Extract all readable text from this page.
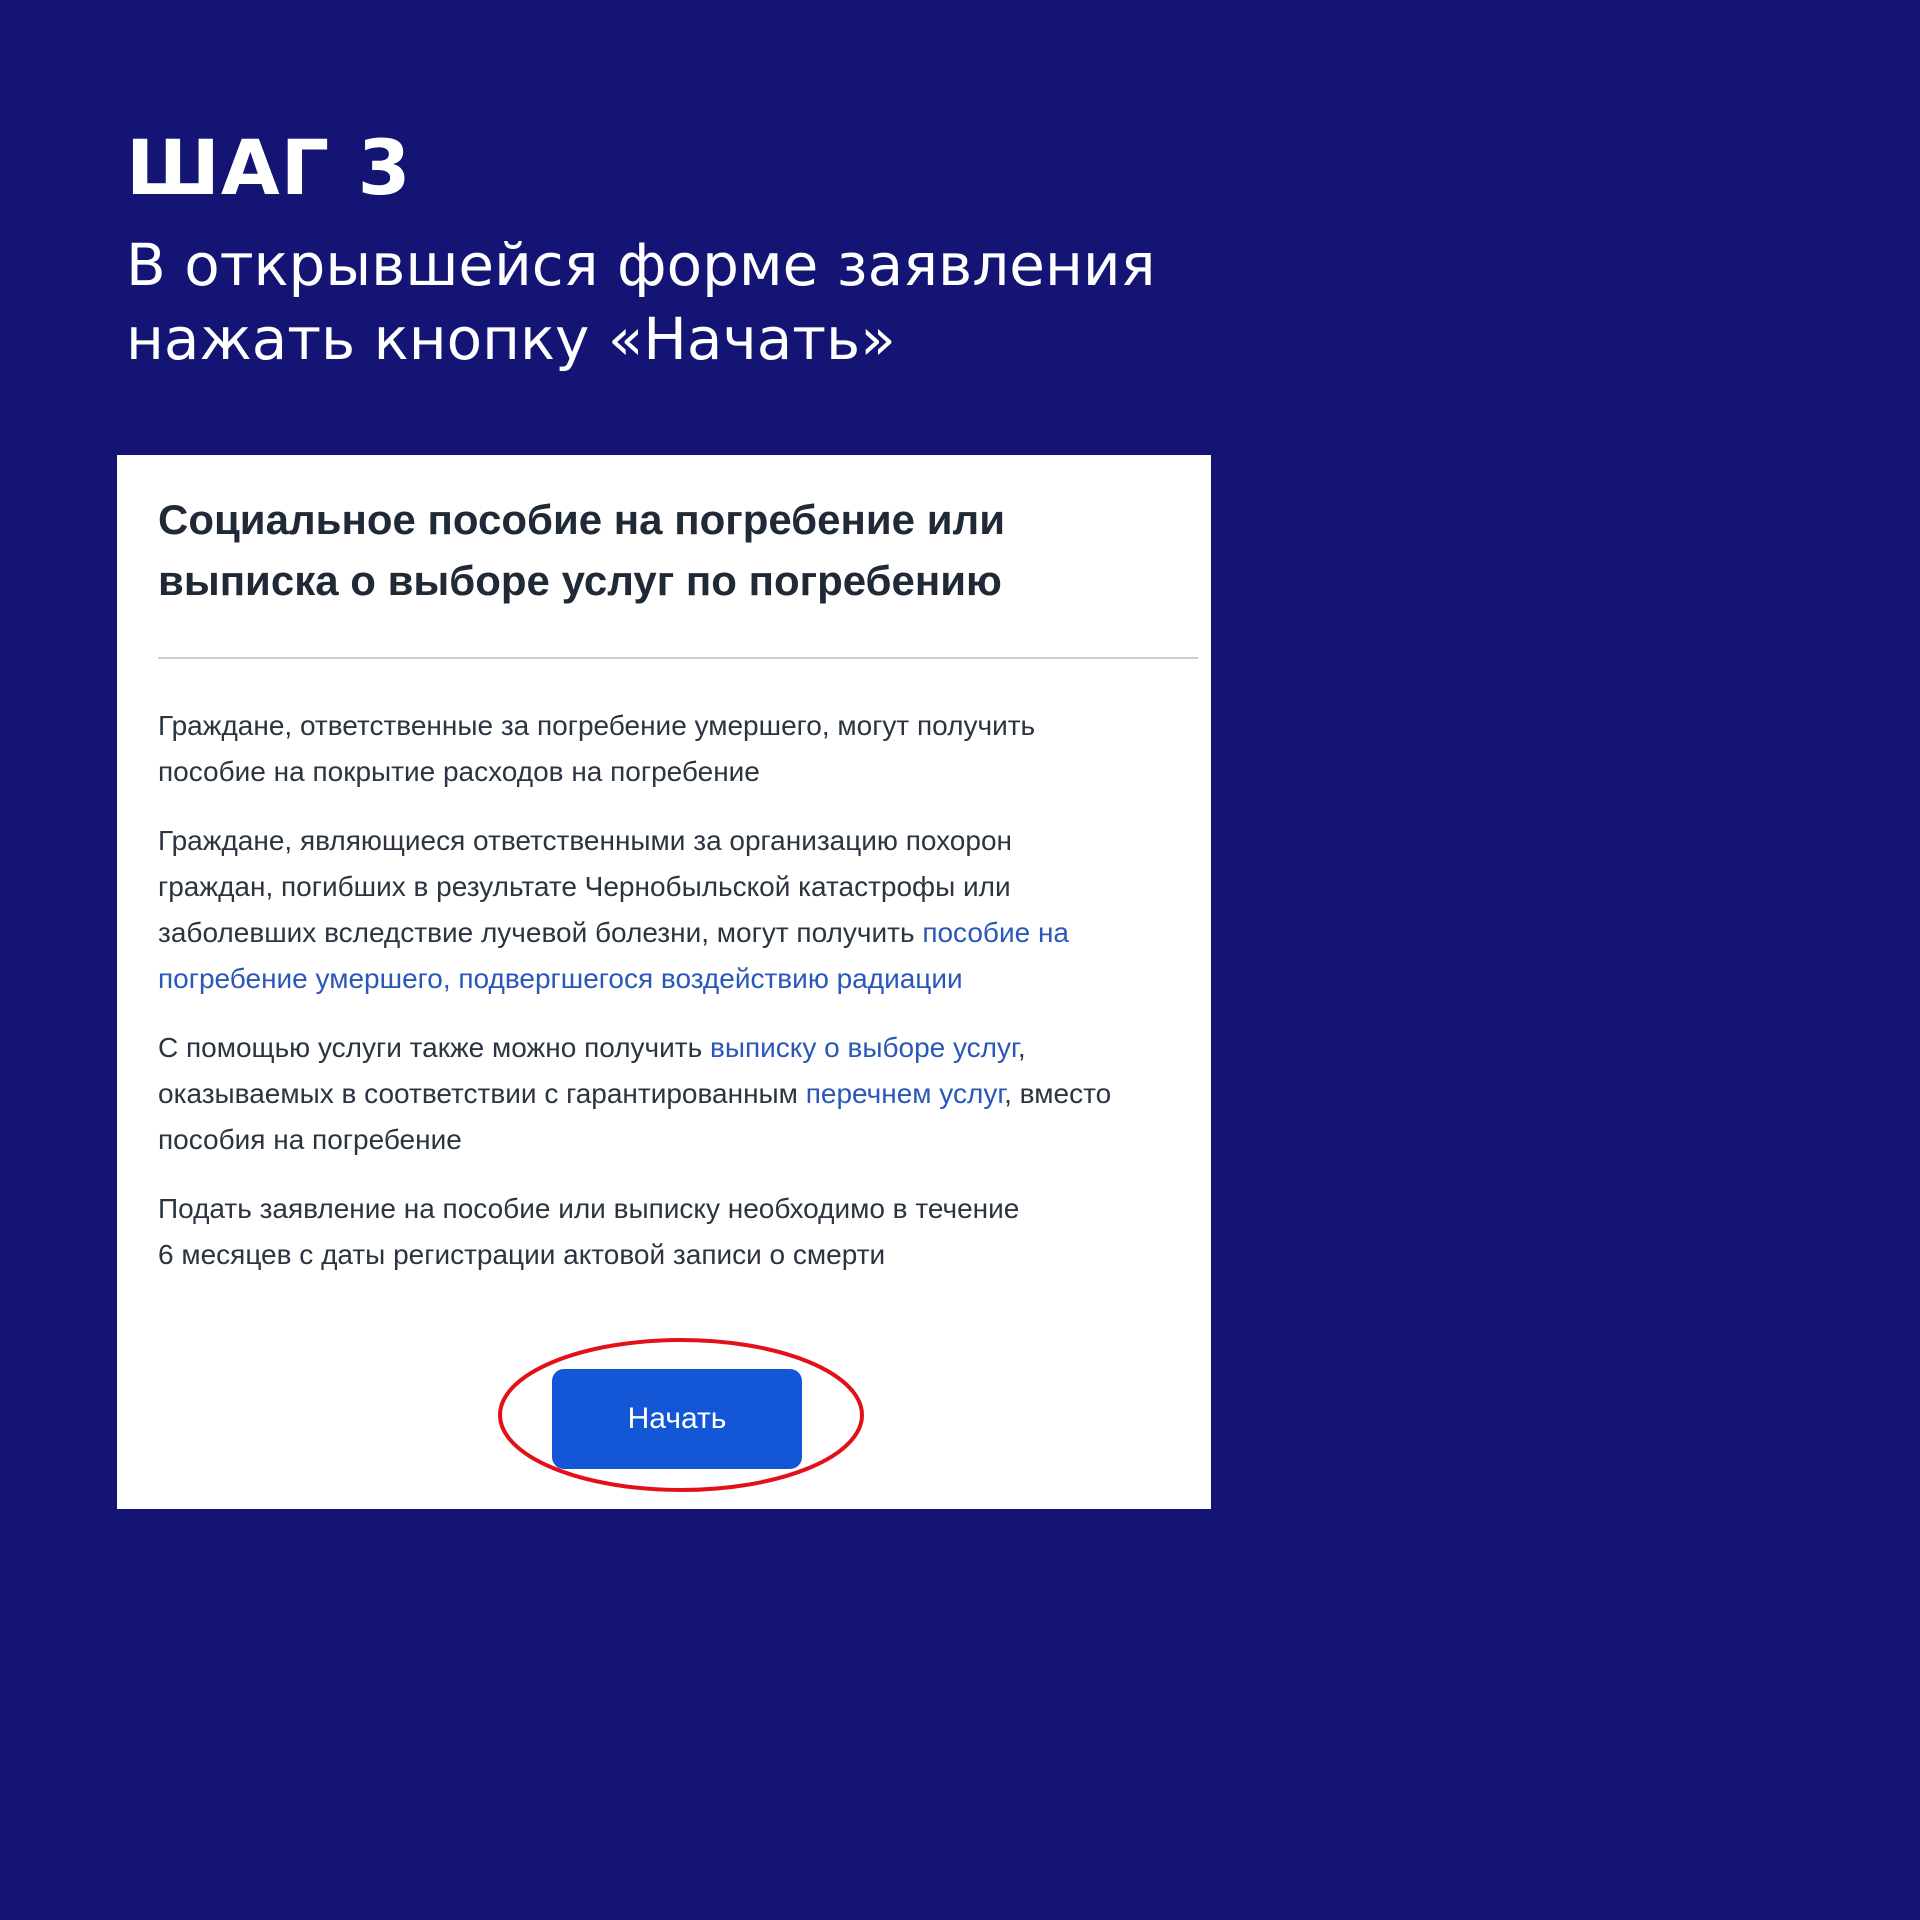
ШАГ 3
В открывшейся форме заявления
нажать кнопку «Начать»
Социальное пособие на погребение или
выписка о выборе услуг по погребению

Граждане, ответственные за погребение умершего, могут получить
пособие на покрытие расходов на погребение

Граждане, являющиеся ответственными за организацию похорон
граждан, погибших в результате Чернобыльской катастрофы или
заболевших вследствие лучевой болезни, могут получить пособие на
погребение умершего, подвергшегося воздействию радиации

С помощью услуги также можно получить выписку о выборе услуг,
оказываемых в соответствии с гарантированным перечнем услуг, вместо
пособия на погребение

Подать заявление на пособие или выписку необходимо в течение
6 месяцев с даты регистрации актовой записи о смерти

Начать
